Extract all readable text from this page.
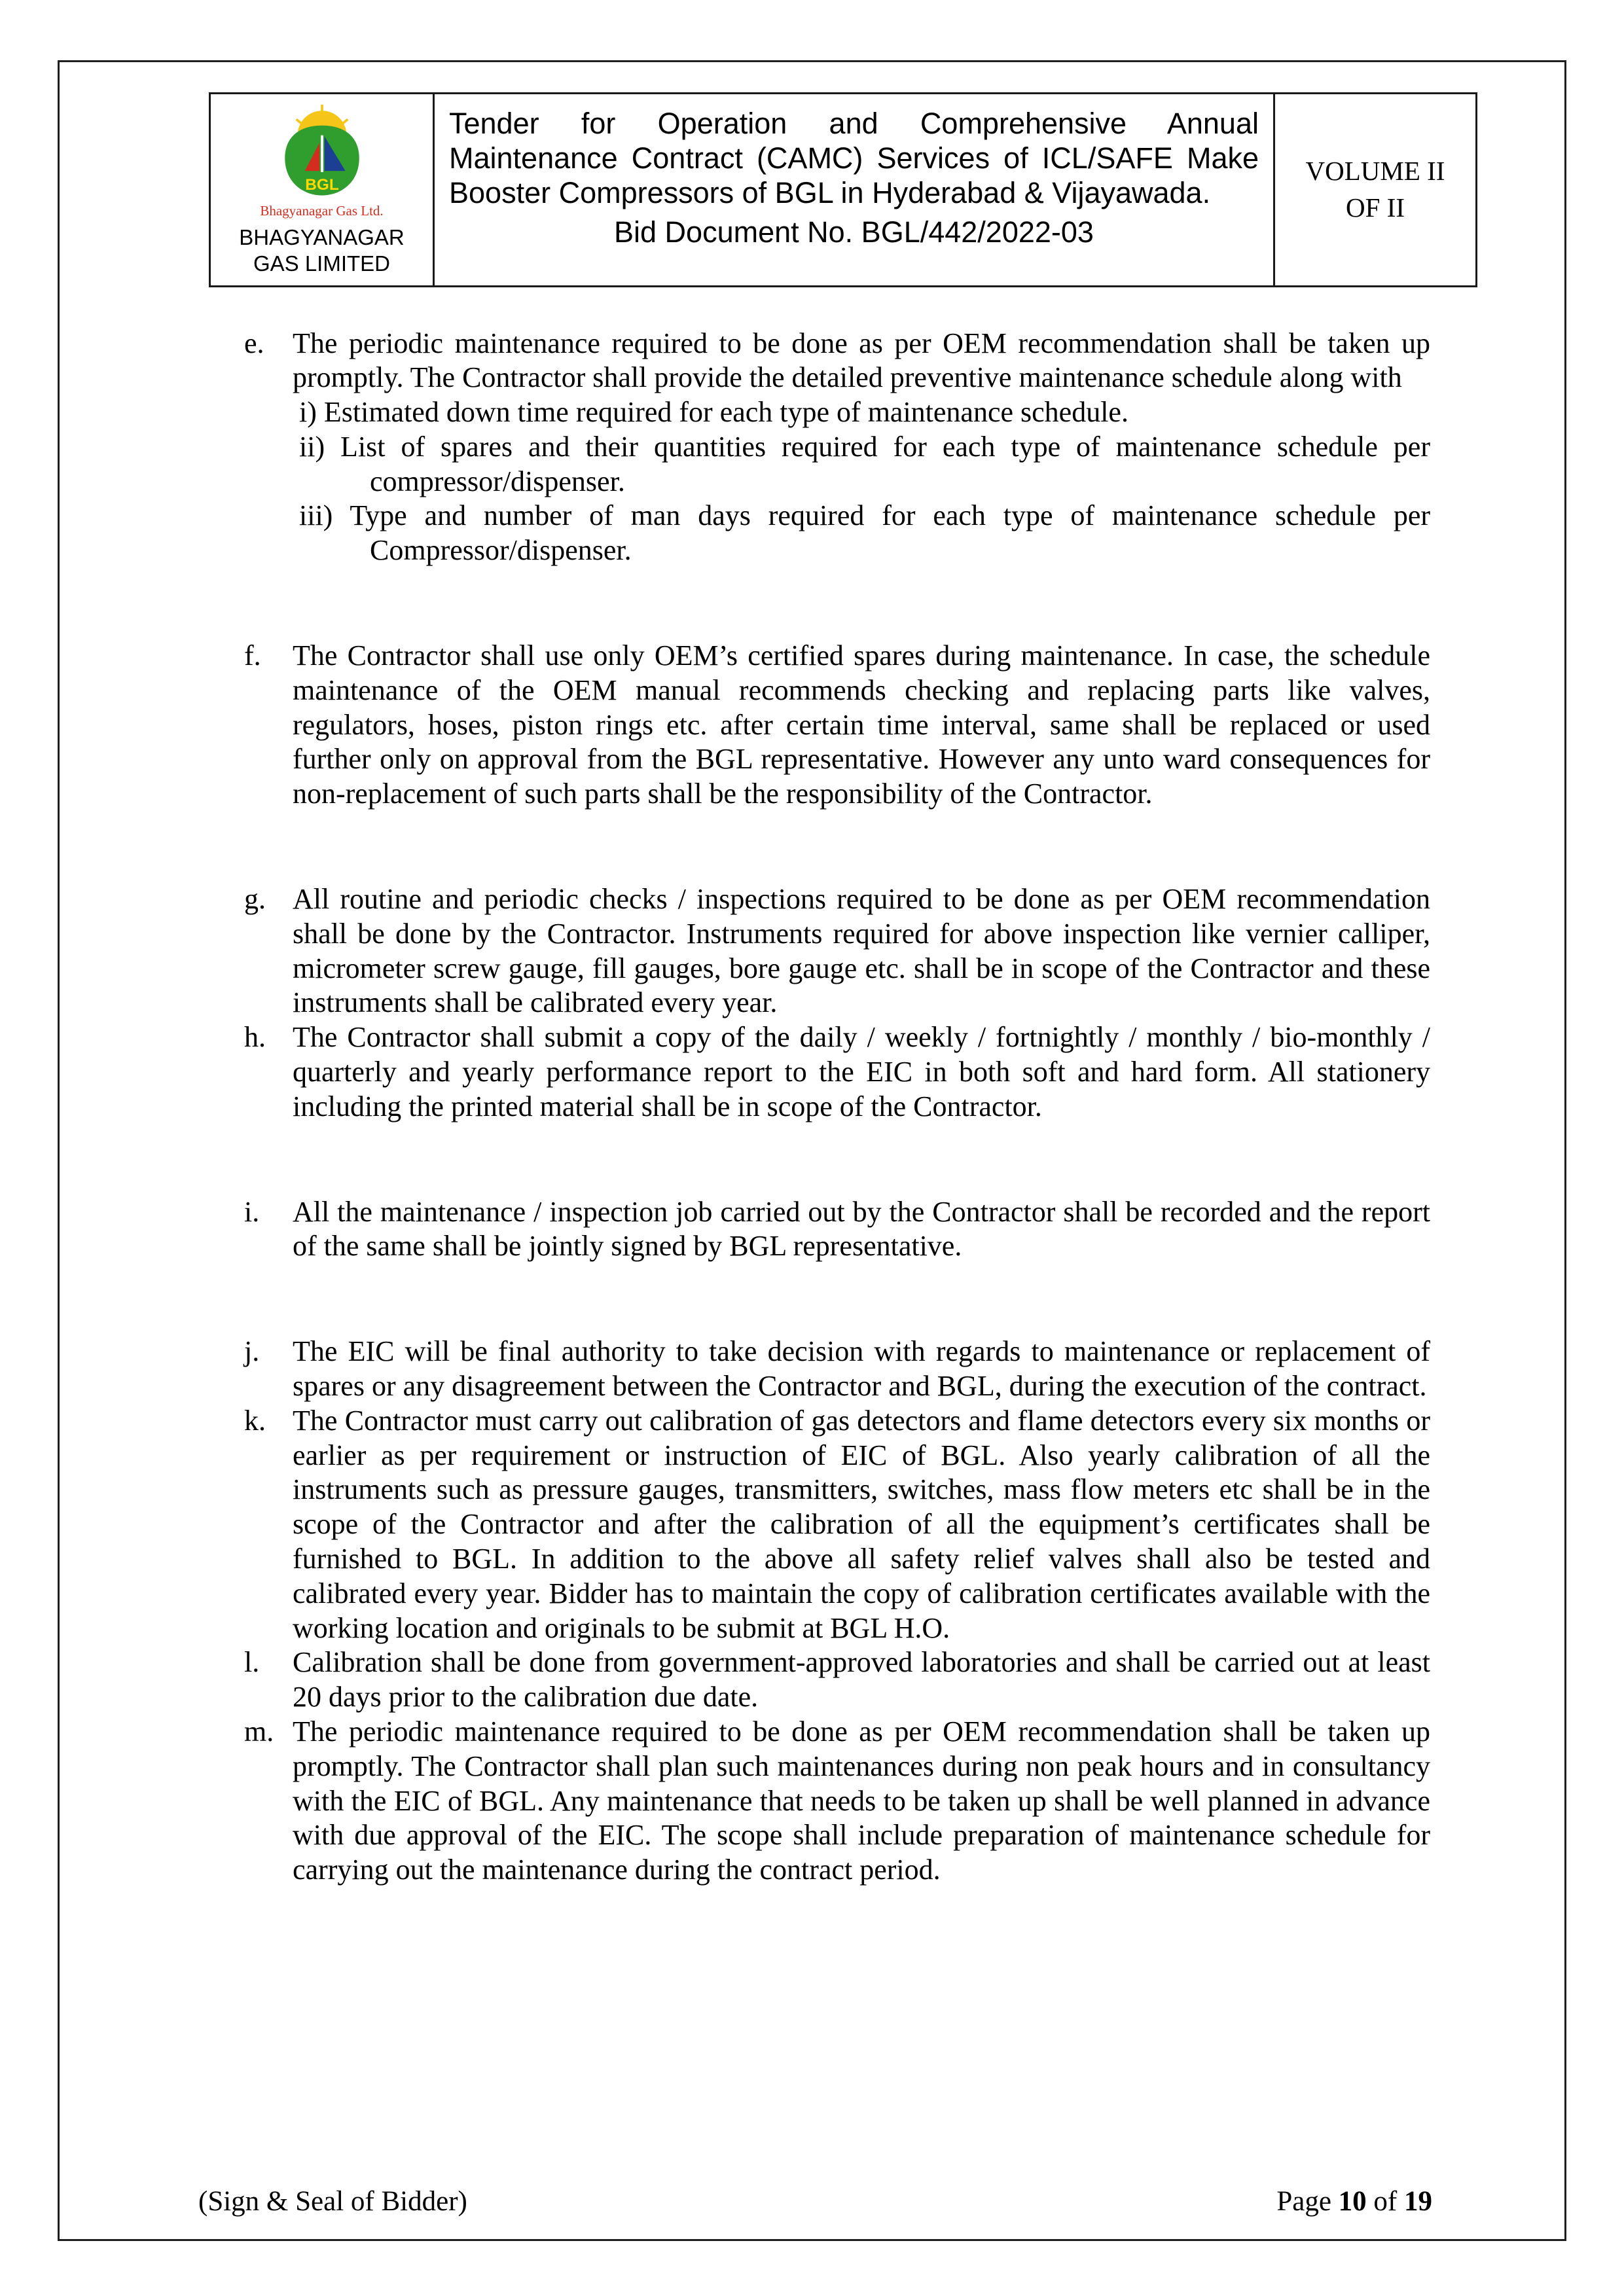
BGL
Bhagyanagar Gas Ltd.
BHAGYANAGAR GAS LIMITED
Tender for Operation and Comprehensive Annual Maintenance Contract (CAMC) Services of ICL/SAFE Make Booster Compressors of BGL in Hyderabad & Vijayawada.
Bid Document No. BGL/442/2022-03
VOLUME II OF II
e. The periodic maintenance required to be done as per OEM recommendation shall be taken up promptly. The Contractor shall provide the detailed preventive maintenance schedule along with
i) Estimated down time required for each type of maintenance schedule.
ii) List of spares and their quantities required for each type of maintenance schedule per compressor/dispenser.
iii) Type and number of man days required for each type of maintenance schedule per Compressor/dispenser.
f.	The Contractor shall use only OEM’s certified spares during maintenance. In case, the schedule maintenance of the OEM manual recommends checking and replacing parts like valves, regulators, hoses, piston rings etc. after certain time interval, same shall be replaced or used further only on approval from the BGL representative. However any unto ward consequences for non-replacement of such parts shall be the responsibility of the Contractor.
g. All routine and periodic checks / inspections required to be done as per OEM recommendation shall be done by the Contractor. Instruments required for above inspection like vernier calliper, micrometer screw gauge, fill gauges, bore gauge etc. shall be in scope of the Contractor and these instruments shall be calibrated every year.
h. The Contractor shall submit a copy of the daily / weekly / fortnightly / monthly / bio-monthly / quarterly and yearly performance report to the EIC in both soft and hard form. All stationery including the printed material shall be in scope of the Contractor.
i.	All the maintenance / inspection job carried out by the Contractor shall be recorded and the report of the same shall be jointly signed by BGL representative.
j.	The EIC will be final authority to take decision with regards to maintenance or replacement of spares or any disagreement between the Contractor and BGL, during the execution of the contract.
k. The Contractor must carry out calibration of gas detectors and flame detectors every six months or earlier as per requirement or instruction of EIC of BGL. Also yearly calibration of all the instruments such as pressure gauges, transmitters, switches, mass flow meters etc shall be in the scope of the Contractor and after the calibration of all the equipment’s certificates shall be furnished to BGL. In addition to the above all safety relief valves shall also be tested and calibrated every year. Bidder has to maintain the copy of calibration certificates available with the working location and originals to be submit at BGL H.O.
l.	Calibration shall be done from government-approved laboratories and shall be carried out at least 20 days prior to the calibration due date.
m. The periodic maintenance required to be done as per OEM recommendation shall be taken up promptly. The Contractor shall plan such maintenances during non peak hours and in consultancy with the EIC of BGL. Any maintenance that needs to be taken up shall be well planned in advance with due approval of the EIC. The scope shall include preparation of maintenance schedule for carrying out the maintenance during the contract period.
(Sign & Seal of Bidder)	Page 10 of 19
